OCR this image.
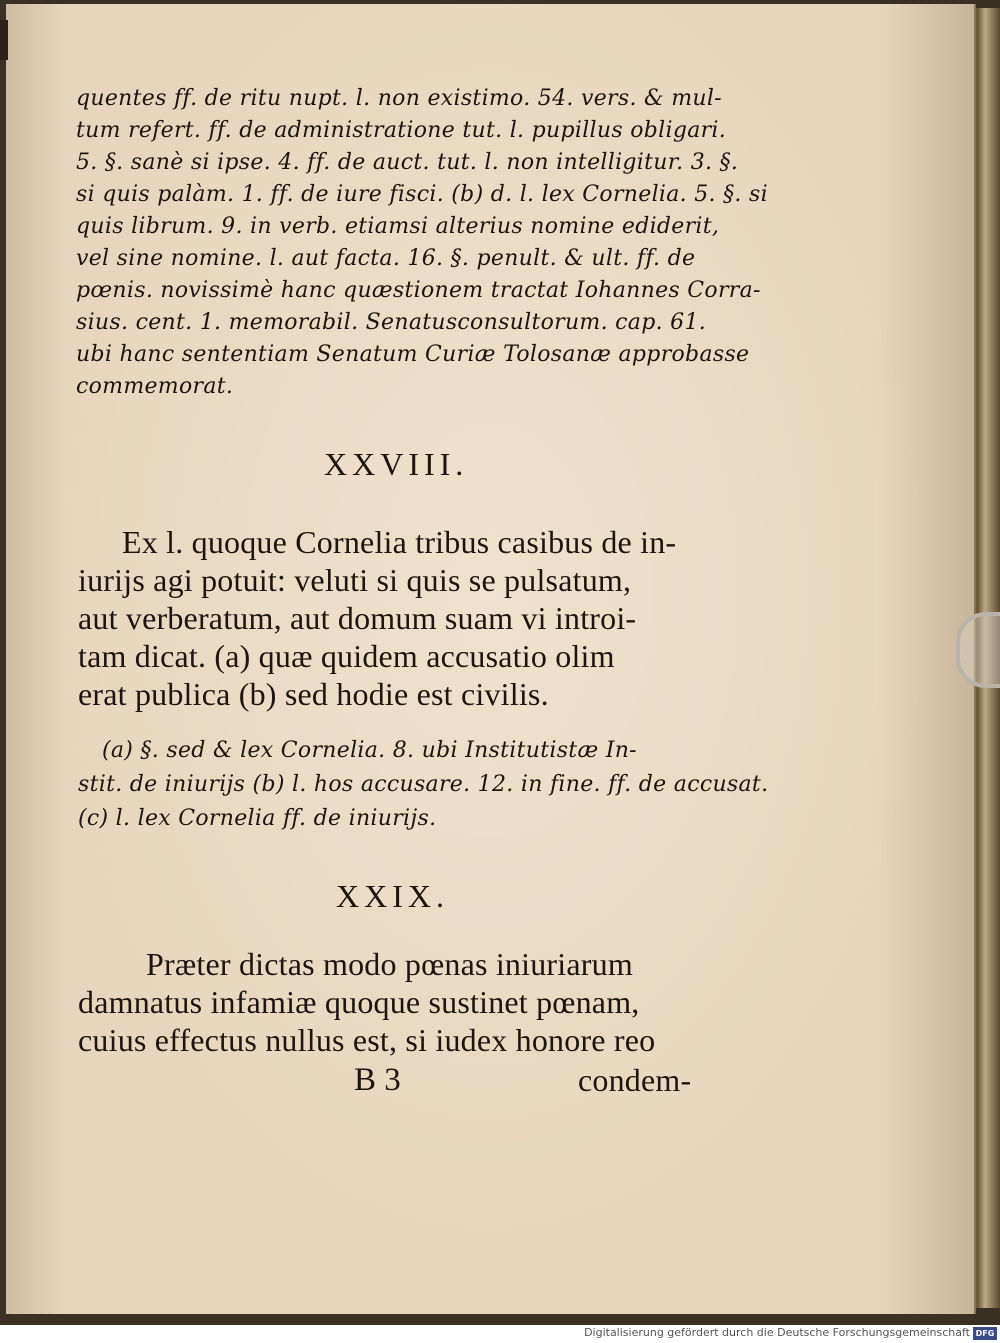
quentes ff. de ritu nupt. l. non existimo. 54. vers. & mul-
tum refert. ff. de administratione tut. l. pupillus obligari.
5. §. sanè si ipse. 4. ff. de auct. tut. l. non intelligitur. 3. §.
si quis palàm. 1. ff. de iure fisci. (b) d. l. lex Cornelia. 5. §. si
quis librum. 9. in verb. etiamsi alterius nomine ediderit,
vel sine nomine. l. aut facta. 16. §. penult. & ult. ff. de
pœnis. novissimè hanc quæstionem tractat Iohannes Corra-
sius. cent. 1. memorabil. Senatusconsultorum. cap. 61.
ubi hanc sententiam Senatum Curiæ Tolosanæ approbasse
commemorat.
XXVIII.
Ex l. quoque Cornelia tribus casibus de in-
iurijs agi potuit: veluti si quis se pulsatum,
aut verberatum, aut domum suam vi introi-
tam dicat. (a) quæ quidem accusatio olim
erat publica (b) sed hodie est civilis.
(a) §. sed & lex Cornelia. 8. ubi Institutistæ In-
stit. de iniurijs (b) l. hos accusare. 12. in fine. ff. de accusat.
(c) l. lex Cornelia ff. de iniurijs.
XXIX.
Præter dictas modo pœnas iniuriarum
damnatus infamiæ quoque sustinet pœnam,
cuius effectus nullus est, si iudex honore reo
B 3	condem-
Digitalisierung gefördert durch die Deutsche Forschungsgemeinschaft DFG
